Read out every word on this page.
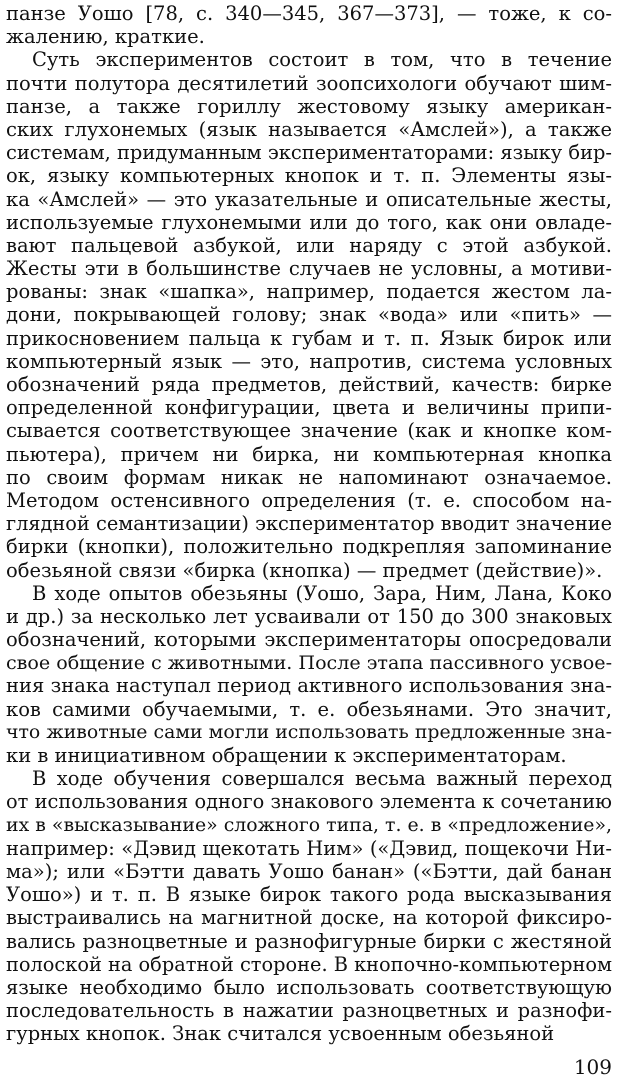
панзе Уошо [78, с. 340—345, 367—373], — тоже, к со-
жалению, краткие.
Суть экспериментов состоит в том, что в течение
почти полутора десятилетий зоопсихологи обучают шим-
панзе, а также гориллу жестовому языку американ-
ских глухонемых (язык называется «Амслей»), а также
системам, придуманным экспериментаторами: языку бир-
ок, языку компьютерных кнопок и т. п. Элементы язы-
ка «Амслей» — это указательные и описательные жесты,
используемые глухонемыми или до того, как они овладе-
вают пальцевой азбукой, или наряду с этой азбукой.
Жесты эти в большинстве случаев не условны, а мотиви-
рованы: знак «шапка», например, подается жестом ла-
дони, покрывающей голову; знак «вода» или «пить» —
прикосновением пальца к губам и т. п. Язык бирок или
компьютерный язык — это, напротив, система условных
обозначений ряда предметов, действий, качеств: бирке
определенной конфигурации, цвета и величины припи-
сывается соответствующее значение (как и кнопке ком-
пьютера), причем ни бирка, ни компьютерная кнопка
по своим формам никак не напоминают означаемое.
Методом остенсивного определения (т. е. способом на-
глядной семантизации) экспериментатор вводит значение
бирки (кнопки), положительно подкрепляя запоминание
обезьяной связи «бирка (кнопка) — предмет (действие)».
В ходе опытов обезьяны (Уошо, Зара, Ним, Лана, Коко
и др.) за несколько лет усваивали от 150 до 300 знаковых
обозначений, которыми экспериментаторы опосредовали
свое общение с животными. После этапа пассивного усвое-
ния знака наступал период активного использования зна-
ков самими обучаемыми, т. е. обезьянами. Это значит,
что животные сами могли использовать предложенные зна-
ки в инициативном обращении к экспериментаторам.
В ходе обучения совершался весьма важный переход
от использования одного знакового элемента к сочетанию
их в «высказывание» сложного типа, т. е. в «предложение»,
например: «Дэвид щекотать Ним» («Дэвид, пощекочи Ни-
ма»); или «Бэтти давать Уошо банан» («Бэтти, дай банан
Уошо») и т. п. В языке бирок такого рода высказывания
выстраивались на магнитной доске, на которой фиксиро-
вались разноцветные и разнофигурные бирки с жестяной
полоской на обратной стороне. В кнопочно-компьютерном
языке необходимо было использовать соответствующую
последовательность в нажатии разноцветных и разнофи-
гурных кнопок. Знак считался усвоенным обезьяной
109
